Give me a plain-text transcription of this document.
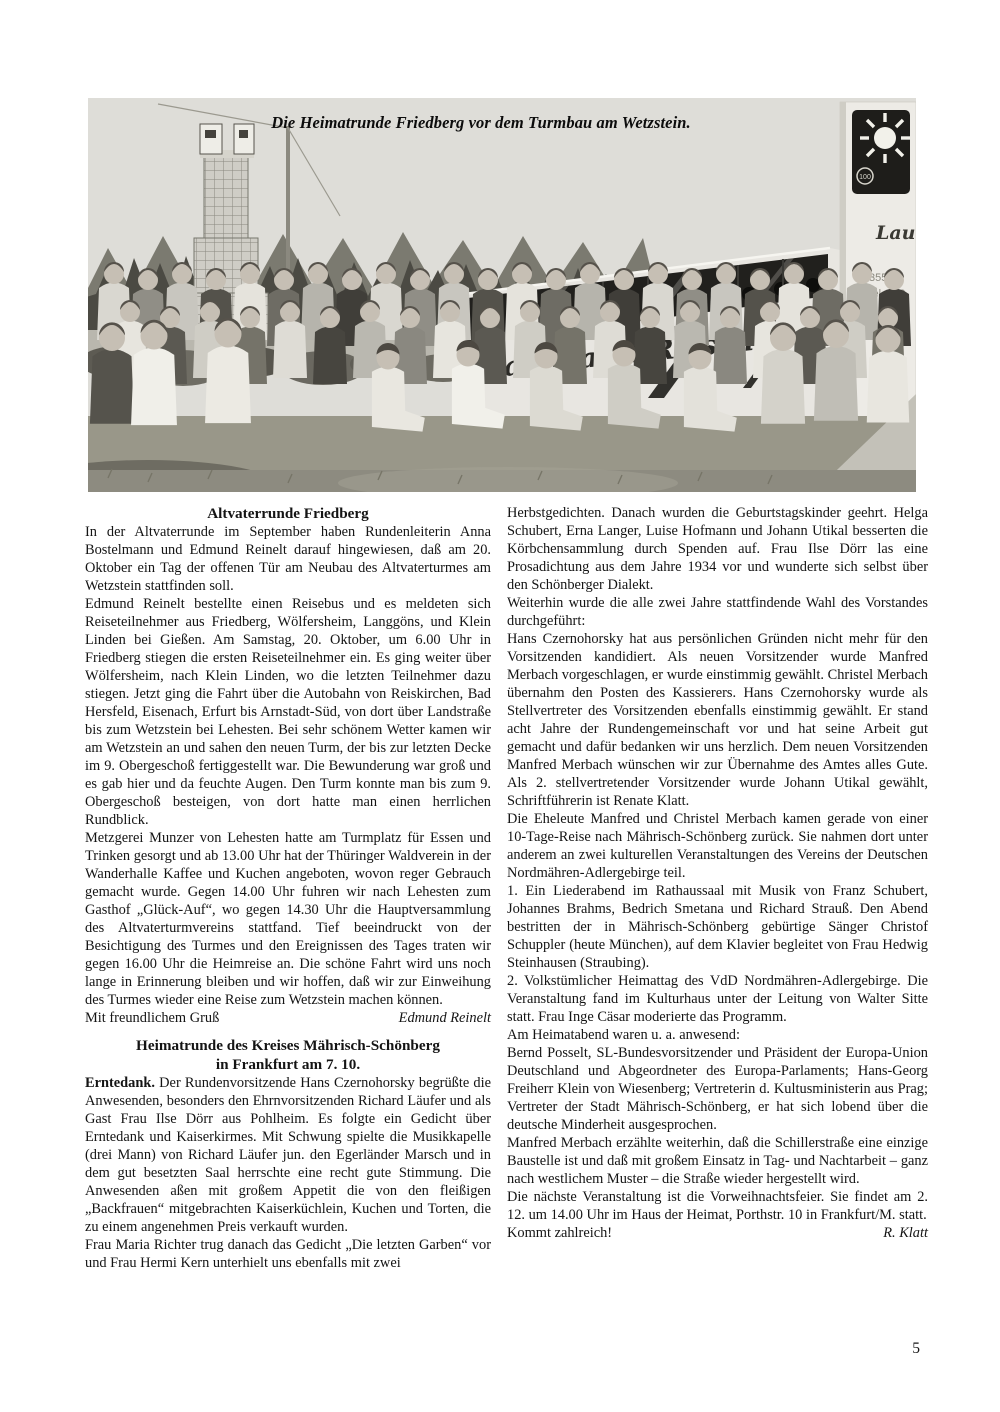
100
Lau
Die Heimatrunde Friedberg vor dem Turmbau am Wetzstein.
Altvaterrunde Friedberg

In der Altvaterrunde im September haben Rundenleiterin Anna Bostelmann und Edmund Reinelt darauf hingewiesen, daß am 20. Oktober ein Tag der offenen Tür am Neubau des Altvaterturmes am Wetzstein stattfinden soll.

Edmund Reinelt bestellte einen Reisebus und es meldeten sich Reiseteilnehmer aus Friedberg, Wölfersheim, Langgöns, und Klein Linden bei Gießen. Am Samstag, 20. Oktober, um 6.00 Uhr in Friedberg stiegen die ersten Reiseteilnehmer ein. Es ging weiter über Wölfersheim, nach Klein Linden, wo die letzten Teilnehmer dazu stiegen. Jetzt ging die Fahrt über die Autobahn von Reiskirchen, Bad Hersfeld, Eisenach, Erfurt bis Arnstadt-Süd, von dort über Landstraße bis zum Wetzstein bei Lehesten. Bei sehr schönem Wetter kamen wir am Wetzstein an und sahen den neuen Turm, der bis zur letzten Decke im 9. Obergeschoß fertiggestellt war. Die Bewunderung war groß und es gab hier und da feuchte Augen. Den Turm konnte man bis zum 9. Obergeschoß besteigen, von dort hatte man einen herrlichen Rundblick.

Metzgerei Munzer von Lehesten hatte am Turmplatz für Essen und Trinken gesorgt und ab 13.00 Uhr hat der Thüringer Waldverein in der Wanderhalle Kaffee und Kuchen angeboten, wovon reger Gebrauch gemacht wurde. Gegen 14.00 Uhr fuhren wir nach Lehesten zum Gasthof „Glück-Auf“, wo gegen 14.30 Uhr die Hauptversammlung des Altvaterturmvereins stattfand. Tief beeindruckt von der Besichtigung des Turmes und den Ereignissen des Tages traten wir gegen 16.00 Uhr die Heimreise an. Die schöne Fahrt wird uns noch lange in Erinnerung bleiben und wir hoffen, daß wir zur Einweihung des Turmes wieder eine Reise zum Wetzstein machen können.

Mit freundlichem Gruß	Edmund Reinelt
Heimatrunde des Kreises Mährisch-Schönberg
in Frankfurt am 7. 10.

Erntedank. Der Rundenvorsitzende Hans Czernohorsky begrüßte die Anwesenden, besonders den Ehrnvorsitzenden Richard Läufer und als Gast Frau Ilse Dörr aus Pohlheim. Es folgte ein Gedicht über Erntedank und Kaiserkirmes. Mit Schwung spielte die Musikkapelle (drei Mann) von Richard Läufer jun. den Egerländer Marsch und in dem gut besetzten Saal herrschte eine recht gute Stimmung. Die Anwesenden aßen mit großem Appetit die von den fleißigen „Backfrauen“ mitgebrachten Kaiserküchlein, Kuchen und Torten, die zu einem angenehmen Preis verkauft wurden.

Frau Maria Richter trug danach das Gedicht „Die letzten Garben“ vor und Frau Hermi Kern unterhielt uns ebenfalls mit zwei

Herbstgedichten. Danach wurden die Geburtstagskinder geehrt. Helga Schubert, Erna Langer, Luise Hofmann und Johann Utikal besserten die Körbchensammlung durch Spenden auf. Frau Ilse Dörr las eine Prosadichtung aus dem Jahre 1934 vor und wunderte sich selbst über den Schönberger Dialekt.

Weiterhin wurde die alle zwei Jahre stattfindende Wahl des Vorstandes durchgeführt:

Hans Czernohorsky hat aus persönlichen Gründen nicht mehr für den Vorsitzenden kandidiert. Als neuen Vorsitzender wurde Manfred Merbach vorgeschlagen, er wurde einstimmig gewählt. Christel Merbach übernahm den Posten des Kassierers. Hans Czernohorsky wurde als Stellvertreter des Vorsitzenden ebenfalls einstimmig gewählt. Er stand acht Jahre der Rundengemeinschaft vor und hat seine Arbeit gut gemacht und dafür bedanken wir uns herzlich. Dem neuen Vorsitzenden Manfred Merbach wünschen wir zur Übernahme des Amtes alles Gute. Als 2. stellvertretender Vorsitzender wurde Johann Utikal gewählt, Schriftführerin ist Renate Klatt.

Die Eheleute Manfred und Christel Merbach kamen gerade von einer 10-Tage-Reise nach Mährisch-Schönberg zurück. Sie nahmen dort unter anderem an zwei kulturellen Veranstaltungen des Vereins der Deutschen Nordmähren-Adlergebirge teil.

1. Ein Liederabend im Rathaussaal mit Musik von Franz Schubert, Johannes Brahms, Bedrich Smetana und Richard Strauß. Den Abend bestritten der in Mährisch-Schönberg gebürtige Sänger Christof Schuppler (heute München), auf dem Klavier begleitet von Frau Hedwig Steinhausen (Straubing).

2. Volkstümlicher Heimattag des VdD Nordmähren-Adlergebirge. Die Veranstaltung fand im Kulturhaus unter der Leitung von Walter Sitte statt. Frau Inge Cäsar moderierte das Programm.

Am Heimatabend waren u. a. anwesend:

Bernd Posselt, SL-Bundesvorsitzender und Präsident der Europa-Union Deutschland und Abgeordneter des Europa-Parlaments; Hans-Georg Freiherr Klein von Wiesenberg; Vertreterin d. Kultusministerin aus Prag; Vertreter der Stadt Mährisch-Schönberg, er hat sich lobend über die deutsche Minderheit ausgesprochen.

Manfred Merbach erzählte weiterhin, daß die Schillerstraße eine einzige Baustelle ist und daß mit großem Einsatz in Tag- und Nachtarbeit – ganz nach westlichem Muster – die Straße wieder hergestellt wird.

Die nächste Veranstaltung ist die Vorweihnachtsfeier. Sie findet am 2. 12. um 14.00 Uhr im Haus der Heimat, Porthstr. 10 in Frankfurt/M. statt.

Kommt zahlreich!	R. Klatt
5
